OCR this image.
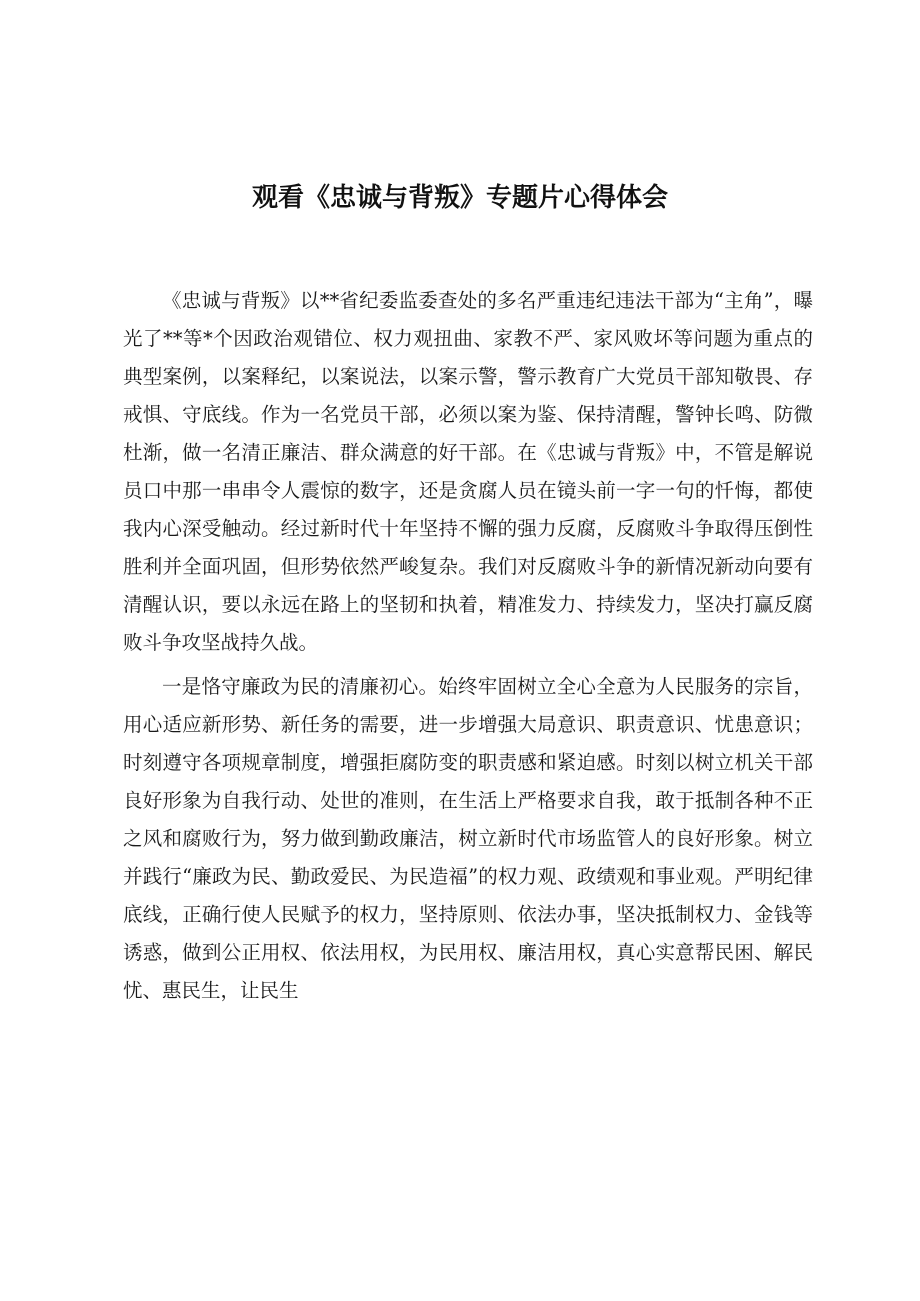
观看《忠诚与背叛》专题片心得体会

《忠诚与背叛》以**省纪委监委查处的多名严重违纪违法干部为“主角”，曝光了**等*个因政治观错位、权力观扭曲、家教不严、家风败坏等问题为重点的典型案例，以案释纪，以案说法，以案示警，警示教育广大党员干部知敬畏、存戒惧、守底线。作为一名党员干部，必须以案为鉴、保持清醒，警钟长鸣、防微杜渐，做一名清正廉洁、群众满意的好干部。在《忠诚与背叛》中，不管是解说员口中那一串串令人震惊的数字，还是贪腐人员在镜头前一字一句的忏悔，都使我内心深受触动。经过新时代十年坚持不懈的强力反腐，反腐败斗争取得压倒性胜利并全面巩固，但形势依然严峻复杂。我们对反腐败斗争的新情况新动向要有清醒认识，要以永远在路上的坚韧和执着，精准发力、持续发力，坚决打赢反腐败斗争攻坚战持久战。

一是恪守廉政为民的清廉初心。始终牢固树立全心全意为人民服务的宗旨，用心适应新形势、新任务的需要，进一步增强大局意识、职责意识、忧患意识；时刻遵守各项规章制度，增强拒腐防变的职责感和紧迫感。时刻以树立机关干部良好形象为自我行动、处世的准则，在生活上严格要求自我，敢于抵制各种不正之风和腐败行为，努力做到勤政廉洁，树立新时代市场监管人的良好形象。树立并践行“廉政为民、勤政爱民、为民造福”的权力观、政绩观和事业观。严明纪律底线，正确行使人民赋予的权力，坚持原则、依法办事，坚决抵制权力、金钱等诱惑，做到公正用权、依法用权，为民用权、廉洁用权，真心实意帮民困、解民忧、惠民生，让民生
